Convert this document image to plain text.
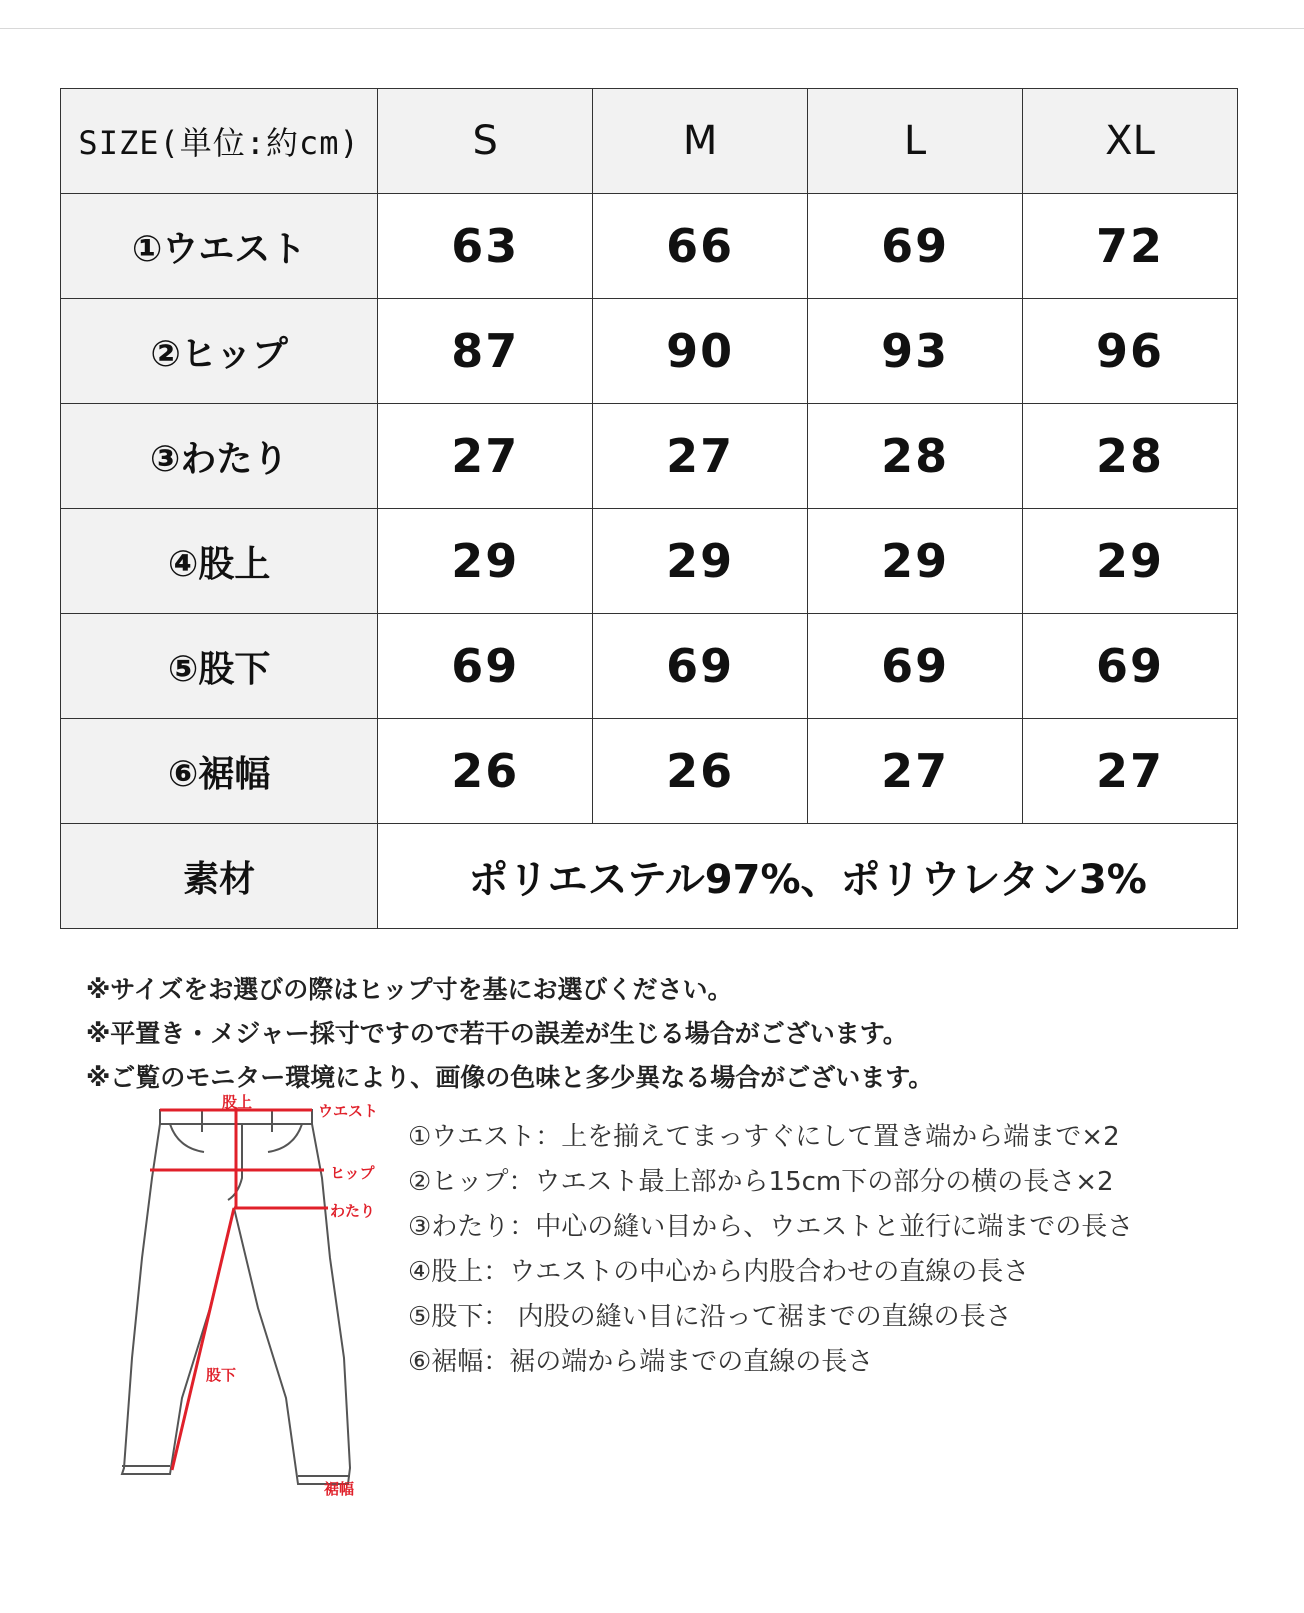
SIZE(単位:約cm)	S	M	L	XL
①ウエスト	63	66	69	72
②ヒップ	87	90	93	96
③わたり	27	27	28	28
④股上	29	29	29	29
⑤股下	69	69	69	69
⑥裾幅	26	26	27	27
素材	ポリエステル97%、ポリウレタン3%			
※サイズをお選びの際はヒップ寸を基にお選びください。
※平置き・メジャー採寸ですので若干の誤差が生じる場合がございます。
※ご覧のモニター環境により、画像の色味と多少異なる場合がございます。
股上	ウエスト
ヒップ
わたり
股下
裾幅
①ウエスト：上を揃えてまっすぐにして置き端から端まで×2
②ヒップ：ウエスト最上部から15cm下の部分の横の長さ×2
③わたり：中心の縫い目から、ウエストと並行に端までの長さ
④股上：ウエストの中心から内股合わせの直線の長さ
⑤股下： 内股の縫い目に沿って裾までの直線の長さ
⑥裾幅：裾の端から端までの直線の長さ
